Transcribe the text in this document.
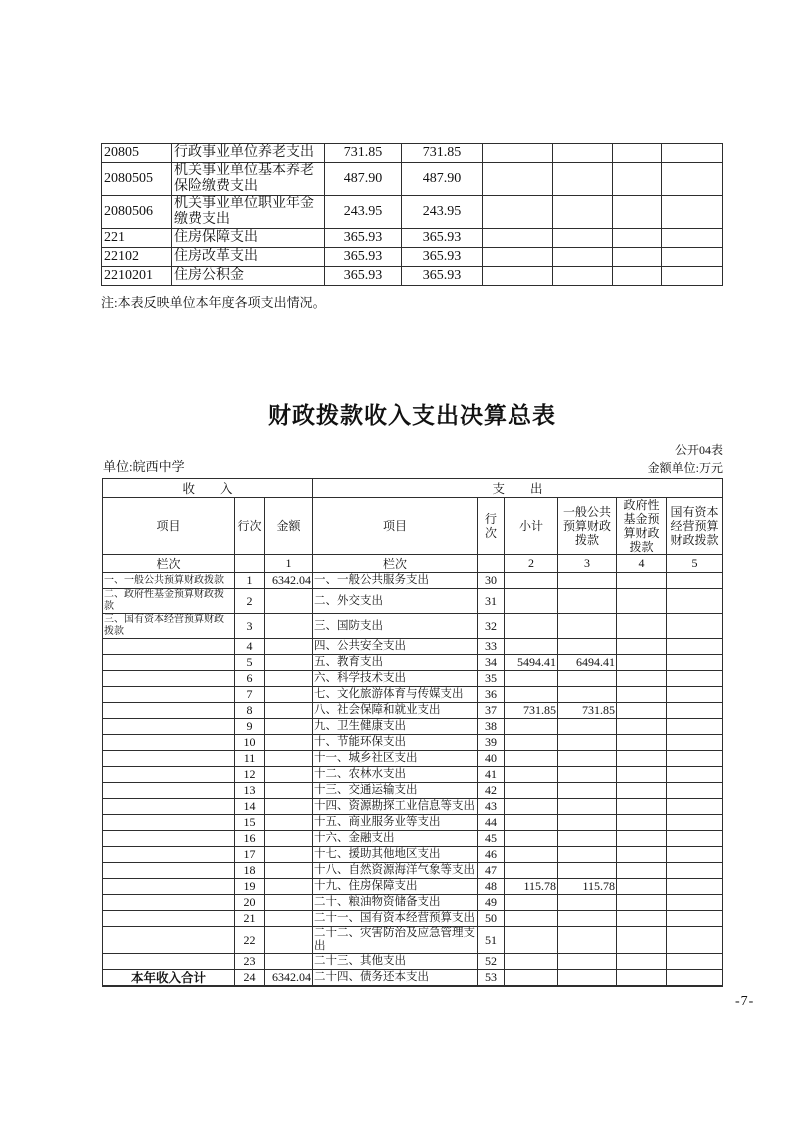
20805	行政事业单位养老支出	731.85	731.85				
2080505	机关事业单位基本养老保险缴费支出	487.90	487.90				
2080506	机关事业单位职业年金缴费支出	243.95	243.95				
221	住房保障支出	365.93	365.93				
22102	住房改革支出	365.93	365.93				
2210201	住房公积金	365.93	365.93				
注:本表反映单位本年度各项支出情况。
财政拨款收入支出决算总表
公开04表
单位:皖西中学	金额单位:万元
收　　入			支　　出					
项目	行次	金额	项目	行次	小计	一般公共预算财政拨款	政府性基金预算财政拨款	国有资本经营预算财政拨款
栏次		1	栏次		2	3	4	5
一、一般公共预算财政拨款	1	6342.04	一、一般公共服务支出	30				
二、政府性基金预算财政拨款	2		二、外交支出	31				
三、国有资本经营预算财政拨款	3		三、国防支出	32				
	4		四、公共安全支出	33				
	5		五、教育支出	34	5494.41	6494.41		
	6		六、科学技术支出	35				
	7		七、文化旅游体育与传媒支出	36				
	8		八、社会保障和就业支出	37	731.85	731.85		
	9		九、卫生健康支出	38				
	10		十、节能环保支出	39				
	11		十一、城乡社区支出	40				
	12		十二、农林水支出	41				
	13		十三、交通运输支出	42				
	14		十四、资源勘探工业信息等支出	43				
	15		十五、商业服务业等支出	44				
	16		十六、金融支出	45				
	17		十七、援助其他地区支出	46				
	18		十八、自然资源海洋气象等支出	47				
	19		十九、住房保障支出	48	115.78	115.78		
	20		二十、粮油物资储备支出	49				
	21		二十一、国有资本经营预算支出	50				
	22		二十二、灾害防治及应急管理支出	51				
	23		二十三、其他支出	52				
本年收入合计	24	6342.04	二十四、债务还本支出	53				
-7-
